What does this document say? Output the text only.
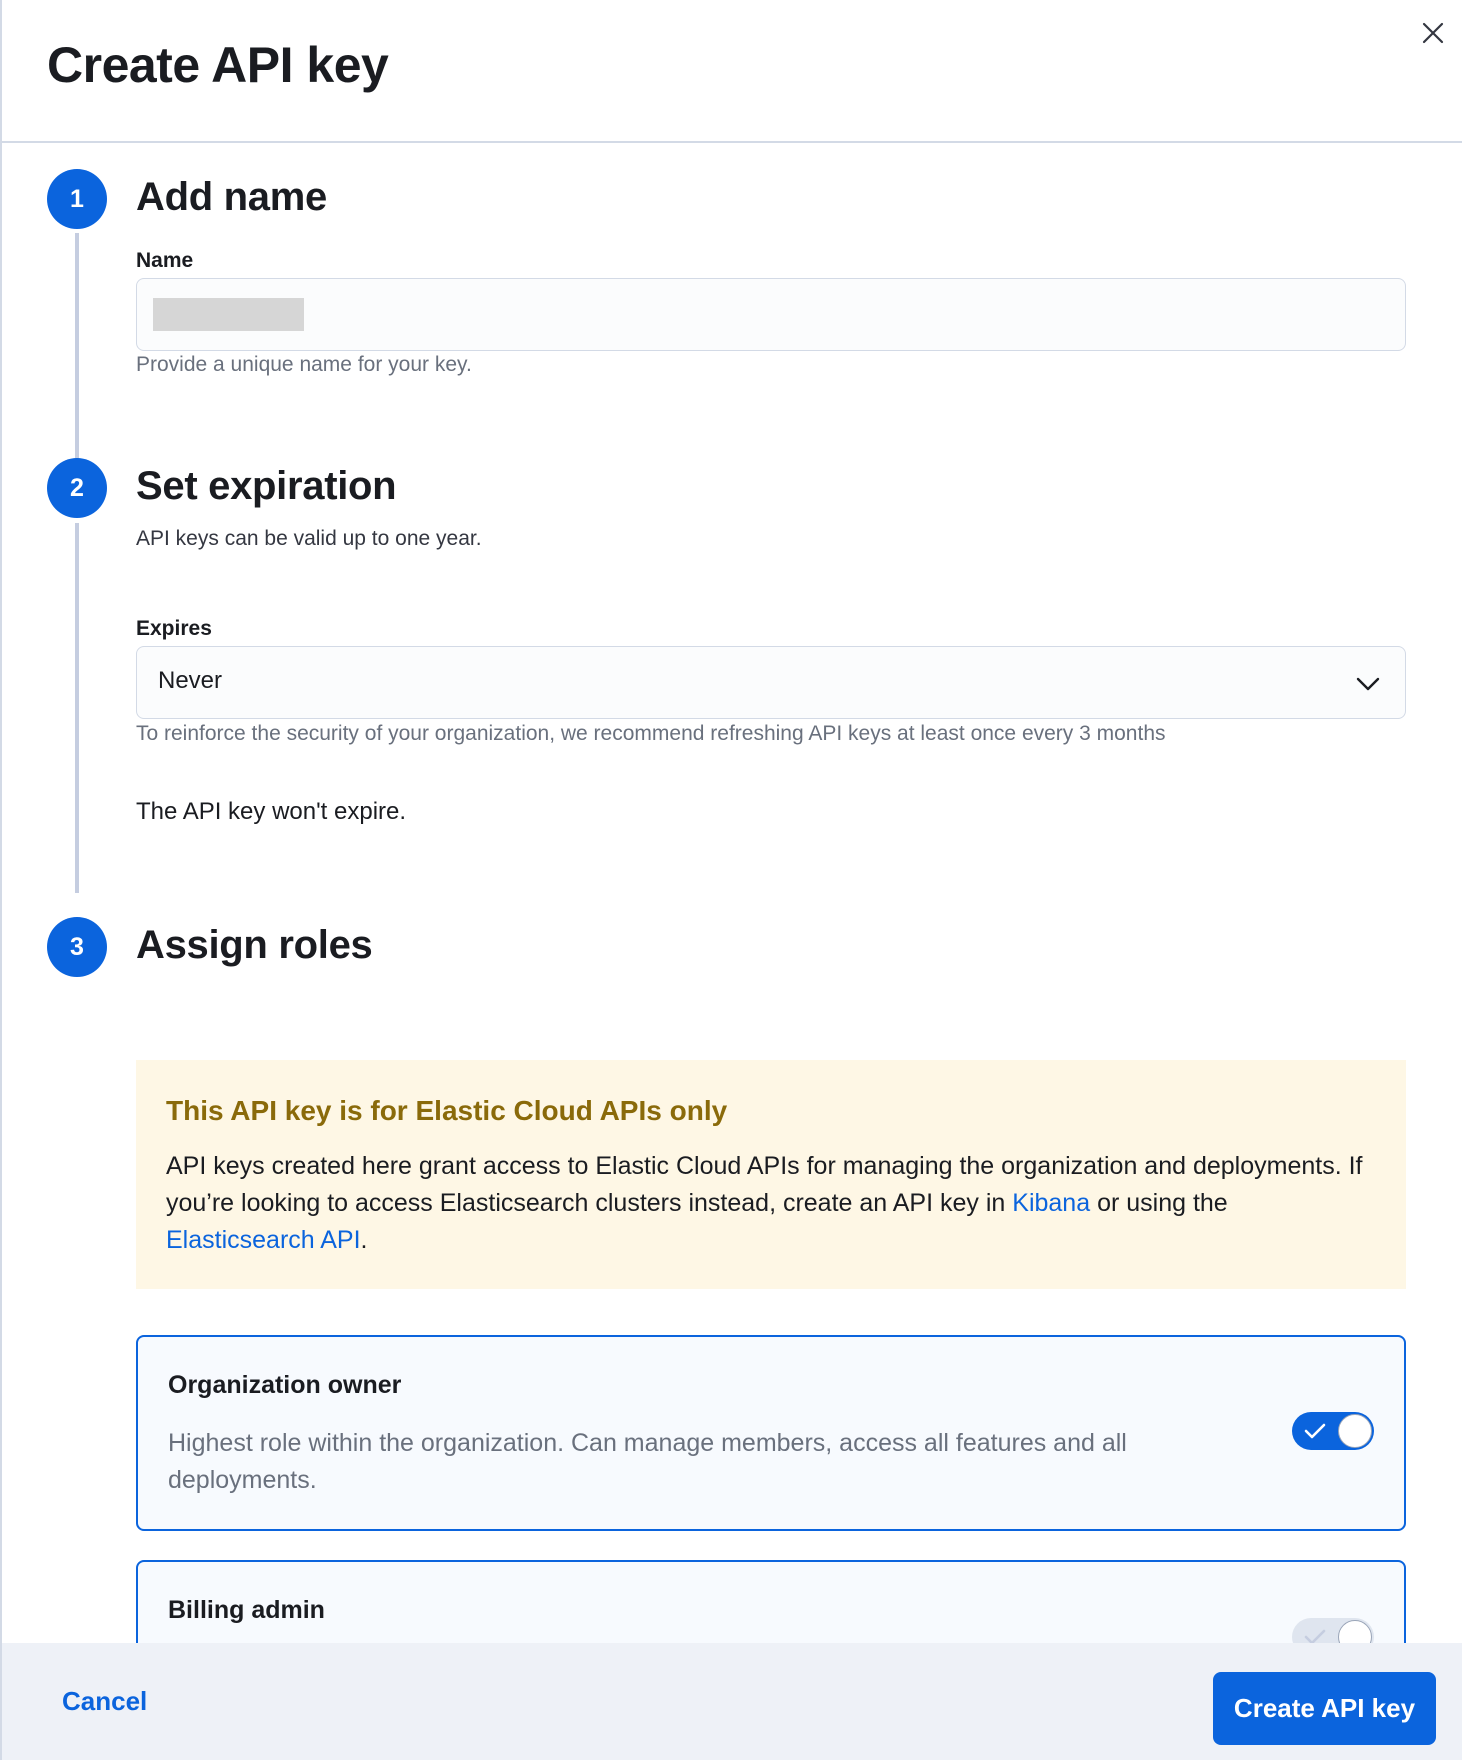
Create API key
1	Add name
Name
Provide a unique name for your key.
2	Set expiration
API keys can be valid up to one year.
Expires
Never
To reinforce the security of your organization, we recommend refreshing API keys at least once every 3 months
The API key won't expire.
3	Assign roles
This API key is for Elastic Cloud APIs only

API keys created here grant access to Elastic Cloud APIs for managing the organization and deployments. If you’re looking to access Elasticsearch clusters instead, create an API key in Kibana or using the Elasticsearch API.

Organization owner

Highest role within the organization. Can manage members, access all features and all deployments.

Billing admin
Cancel	Create API key
